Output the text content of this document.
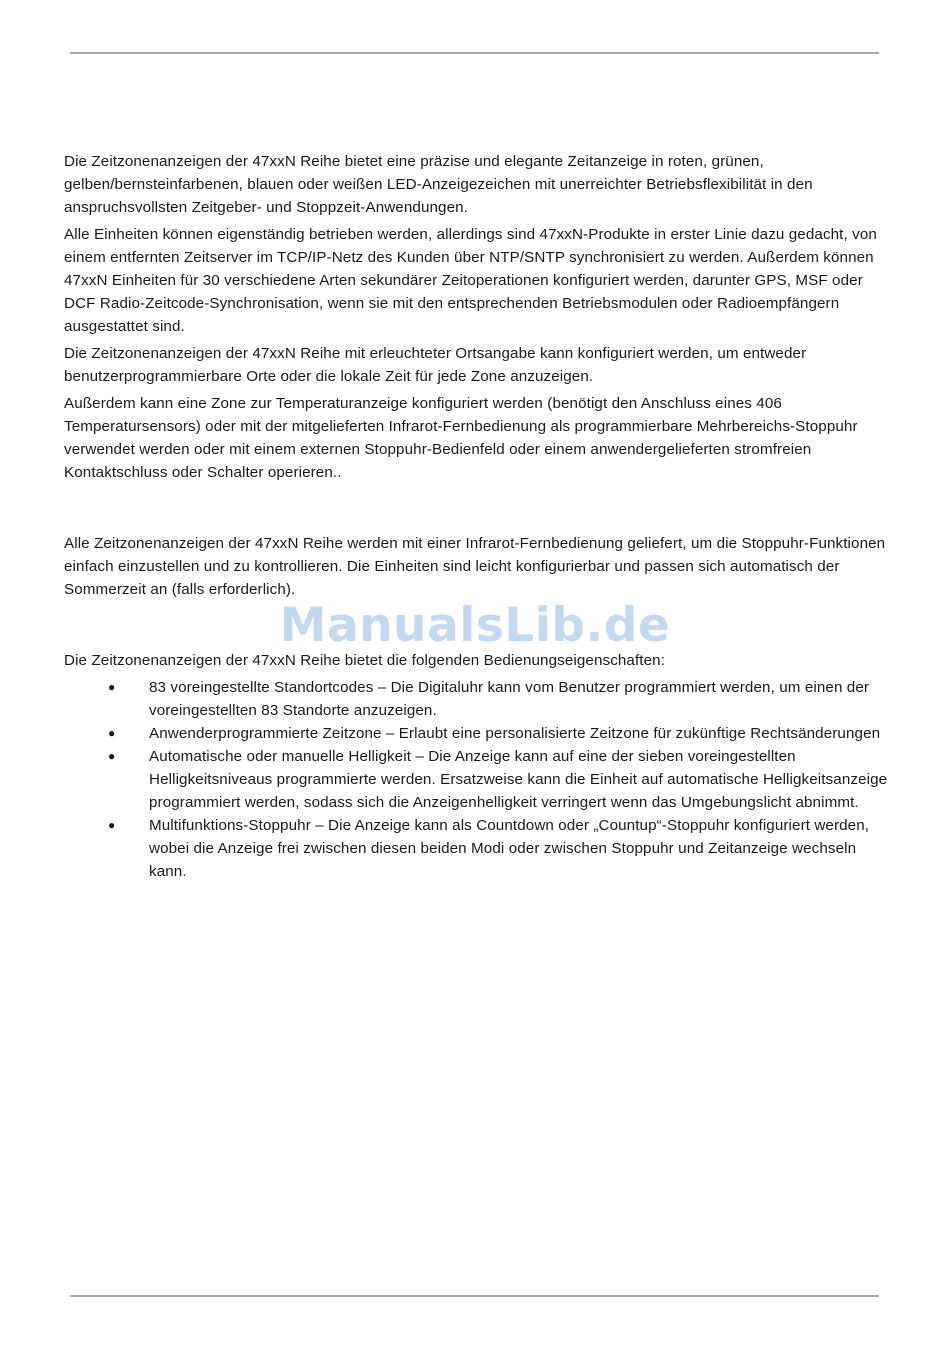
Die Zeitzonenanzeigen der 47xxN Reihe bietet eine präzise und elegante Zeitanzeige in roten, grünen, gelben/bernsteinfarbenen, blauen oder weißen LED-Anzeigezeichen mit unerreichter Betriebsflexibilität in den anspruchsvollsten Zeitgeber- und Stoppzeit-Anwendungen.

Alle Einheiten können eigenständig betrieben werden, allerdings sind 47xxN-Produkte in erster Linie dazu gedacht, von einem entfernten Zeitserver im TCP/IP-Netz des Kunden über NTP/SNTP synchronisiert zu werden. Außerdem können 47xxN Einheiten für 30 verschiedene Arten sekundärer Zeitoperationen konfiguriert werden, darunter GPS, MSF oder DCF Radio-Zeitcode-Synchronisation, wenn sie mit den entsprechenden Betriebsmodulen oder Radioempfängern ausgestattet sind.

Die Zeitzonenanzeigen der 47xxN Reihe mit erleuchteter Ortsangabe kann konfiguriert werden, um entweder benutzerprogrammierbare Orte oder die lokale Zeit für jede Zone anzuzeigen.

Außerdem kann eine Zone zur Temperaturanzeige konfiguriert werden (benötigt den Anschluss eines 406 Temperatursensors) oder mit der mitgelieferten Infrarot-Fernbedienung als programmierbare Mehrbereichs-Stoppuhr verwendet werden oder mit einem externen Stoppuhr-Bedienfeld oder einem anwendergelieferten stromfreien Kontaktschluss oder Schalter operieren..

Alle Zeitzonenanzeigen der 47xxN Reihe werden mit einer Infrarot-Fernbedienung geliefert, um die Stoppuhr-Funktionen einfach einzustellen und zu kontrollieren. Die Einheiten sind leicht konfigurierbar und passen sich automatisch der Sommerzeit an (falls erforderlich).

Die Zeitzonenanzeigen der 47xxN Reihe bietet die folgenden Bedienungseigenschaften:

● 83 voreingestellte Standortcodes – Die Digitaluhr kann vom Benutzer programmiert werden, um einen der voreingestellten 83 Standorte anzuzeigen.
● Anwenderprogrammierte Zeitzone – Erlaubt eine personalisierte Zeitzone für zukünftige Rechtsänderungen
● Automatische oder manuelle Helligkeit – Die Anzeige kann auf eine der sieben voreingestellten Helligkeitsniveaus programmierte werden. Ersatzweise kann die Einheit auf automatische Helligkeitsanzeige programmiert werden, sodass sich die Anzeigenhelligkeit verringert wenn das Umgebungslicht abnimmt.
● Multifunktions-Stoppuhr – Die Anzeige kann als Countdown oder „Countup“-Stoppuhr konfiguriert werden, wobei die Anzeige frei zwischen diesen beiden Modi oder zwischen Stoppuhr und Zeitanzeige wechseln kann.
ManualsLib.de
